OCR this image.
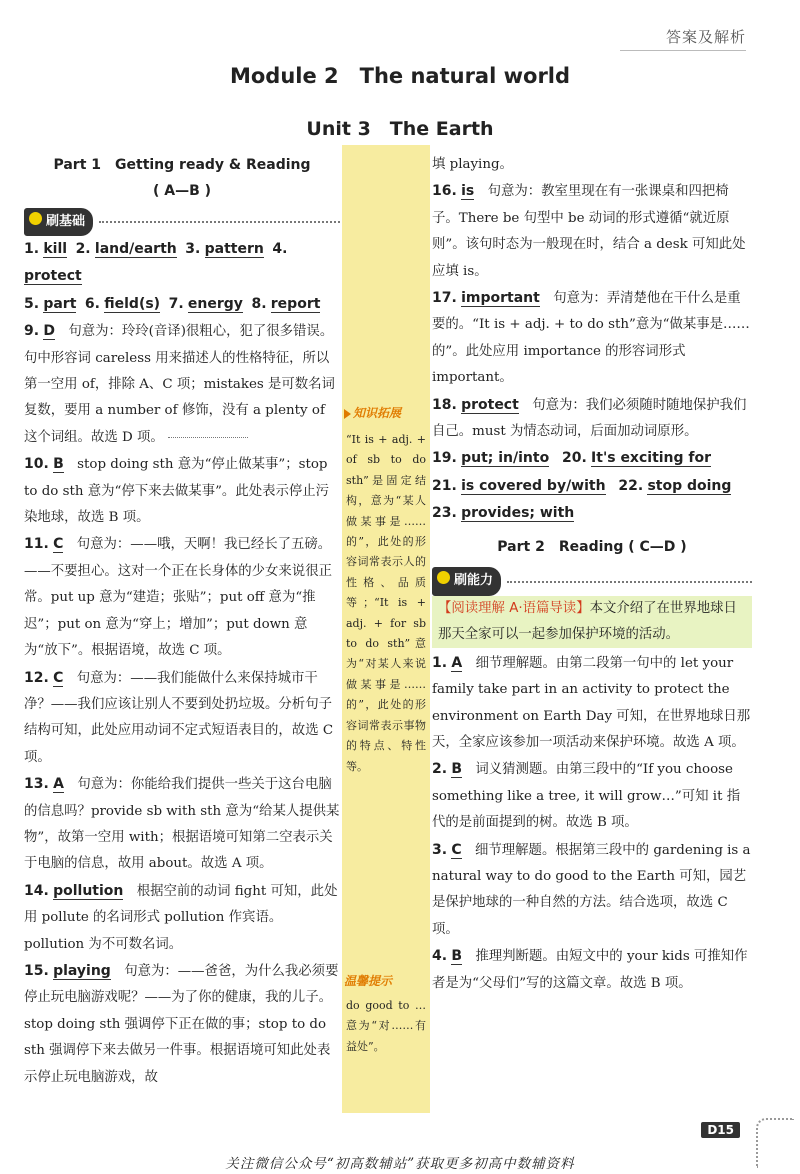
答案及解析
Module 2　The natural world
Unit 3　The Earth
知识拓展
“It is + adj. + of sb to do sth”是固定结构，意为“某人做某事是……的”，此处的形容词常表示人的性格、品质等；“It is + adj. + for sb to do sth”意为“对某人来说做某事是……的”，此处的形容词常表示事物的特点、特性等。
温馨提示
do good to … 意为“对……有益处”。
Part 1　Getting ready & Reading
( A—B )
刷基础
1. kill 2. land/earth 3. pattern 4. protect
5. part 6. field(s) 7. energy 8. report
9. D　 句意为：玲玲(音译)很粗心，犯了很多错误。句中形容词 careless 用来描述人的性格特征，所以第一空用 of，排除 A、C 项；mistakes 是可数名词复数，要用 a number of 修饰，没有 a plenty of 这个词组。故选 D 项。
10. B　 stop doing sth 意为“停止做某事”；stop to do sth 意为“停下来去做某事”。此处表示停止污染地球，故选 B 项。
11. C　 句意为：——哦，天啊！我已经长了五磅。——不要担心。这对一个正在长身体的少女来说很正常。put up 意为“建造；张贴”；put off 意为“推迟”；put on 意为“穿上；增加”；put down 意为“放下”。根据语境，故选 C 项。
12. C　 句意为：——我们能做什么来保持城市干净？——我们应该让别人不要到处扔垃圾。分析句子结构可知，此处应用动词不定式短语表目的，故选 C 项。
13. A　 句意为：你能给我们提供一些关于这台电脑的信息吗？provide sb with sth 意为“给某人提供某物”，故第一空用 with；根据语境可知第二空表示关于电脑的信息，故用 about。故选 A 项。
14. pollution　 根据空前的动词 fight 可知，此处用 pollute 的名词形式 pollution 作宾语。pollution 为不可数名词。
15. playing　 句意为：——爸爸，为什么我必须要停止玩电脑游戏呢？——为了你的健康，我的儿子。stop doing sth 强调停下正在做的事；stop to do sth 强调停下来去做另一件事。根据语境可知此处表示停止玩电脑游戏，故
填 playing。
16. is　 句意为：教室里现在有一张课桌和四把椅子。There be 句型中 be 动词的形式遵循“就近原则”。该句时态为一般现在时，结合 a desk 可知此处应填 is。
17. important　 句意为：弄清楚他在干什么是重要的。“It is + adj. + to do sth”意为“做某事是……的”。此处应用 importance 的形容词形式 important。
18. protect　 句意为：我们必须随时随地保护我们自己。must 为情态动词，后面加动词原形。
19. put; in/into 20. It's exciting for
21. is covered by/with 22. stop doing
23. provides; with
Part 2　Reading ( C—D )
刷能力
【阅读理解 A·语篇导读】本文介绍了在世界地球日那天全家可以一起参加保护环境的活动。
1. A　 细节理解题。由第二段第一句中的 let your family take part in an activity to protect the environment on Earth Day 可知，在世界地球日那天，全家应该参加一项活动来保护环境。故选 A 项。
2. B　 词义猜测题。由第三段中的“If you choose something like a tree, it will grow…”可知 it 指代的是前面提到的树。故选 B 项。
3. C　 细节理解题。根据第三段中的 gardening is a natural way to do good to the Earth 可知，园艺是保护地球的一种自然的方法。结合选项，故选 C 项。
4. B　 推理判断题。由短文中的 your kids 可推知作者是为“父母们”写的这篇文章。故选 B 项。
D15
关注微信公众号“初高数辅站”获取更多初高中数辅资料
